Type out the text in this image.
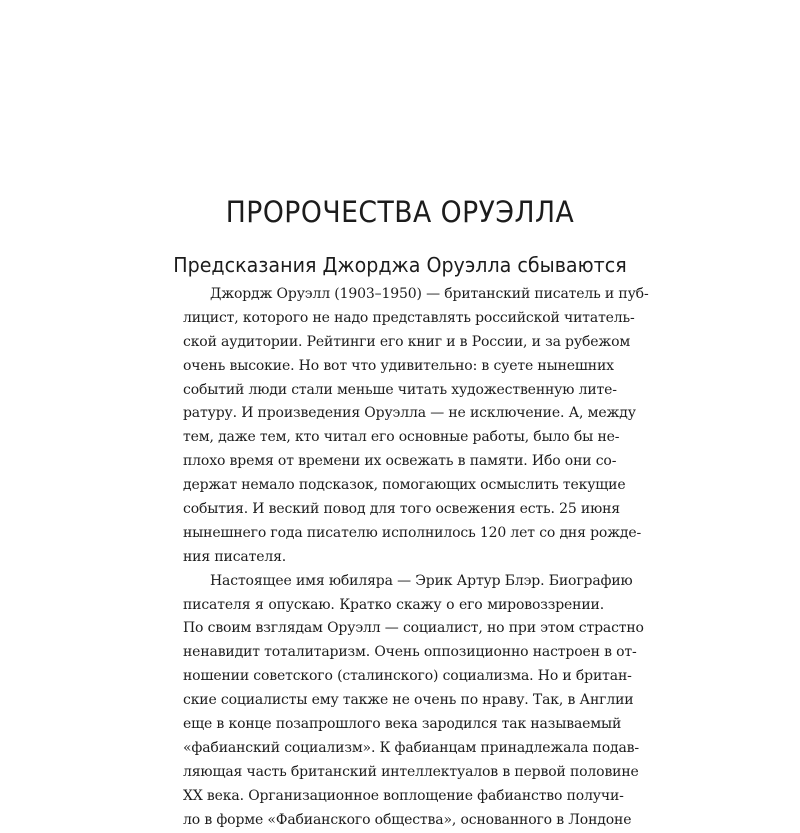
ПРОРОЧЕСТВА ОРУЭЛЛА
Предсказания Джорджа Оруэлла сбываются
Джордж Оруэлл (1903–1950) — британский писатель и пуб-
лицист, которого не надо представлять российской читатель-
ской аудитории. Рейтинги его книг и в России, и за рубежом
очень высокие. Но вот что удивительно: в суете нынешних
событий люди стали меньше читать художественную лите-
ратуру. И произведения Оруэлла — не исключение. А, между
тем, даже тем, кто читал его основные работы, было бы не-
плохо время от времени их освежать в памяти. Ибо они со-
держат немало подсказок, помогающих осмыслить текущие
события. И веский повод для того освежения есть. 25 июня
нынешнего года писателю исполнилось 120 лет со дня рожде-
ния писателя.
Настоящее имя юбиляра — Эрик Артур Блэр. Биографию
писателя я опускаю. Кратко скажу о его мировоззрении.
По своим взглядам Оруэлл — социалист, но при этом страстно
ненавидит тоталитаризм. Очень оппозиционно настроен в от-
ношении советского (сталинского) социализма. Но и британ-
ские социалисты ему также не очень по нраву. Так, в Англии
еще в конце позапрошлого века зародился так называемый
«фабианский социализм». К фабианцам принадлежала подав-
ляющая часть британский интеллектуалов в первой половине
XX века. Организационное воплощение фабианство получи-
ло в форме «Фабианского общества», основанного в Лондоне
